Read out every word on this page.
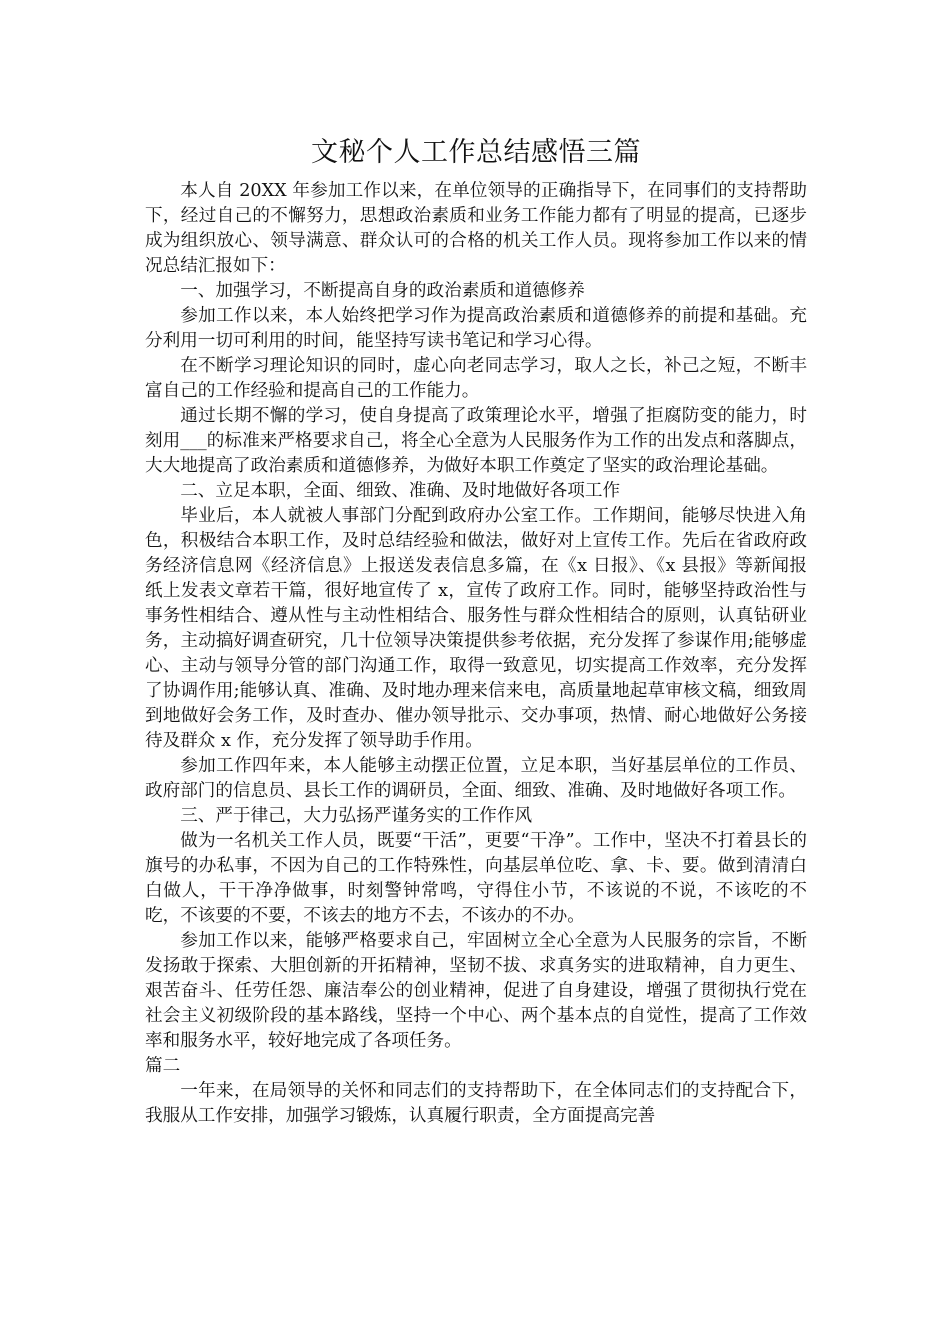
文秘个人工作总结感悟三篇

本人自 20XX 年参加工作以来，在单位领导的正确指导下，在同事们的支持帮助下，经过自己的不懈努力，思想政治素质和业务工作能力都有了明显的提高，已逐步成为组织放心、领导满意、群众认可的合格的机关工作人员。现将参加工作以来的情况总结汇报如下：

一、加强学习，不断提高自身的政治素质和道德修养

参加工作以来，本人始终把学习作为提高政治素质和道德修养的前提和基础。充分利用一切可利用的时间，能坚持写读书笔记和学习心得。

在不断学习理论知识的同时，虚心向老同志学习，取人之长，补己之短，不断丰富自己的工作经验和提高自己的工作能力。

通过长期不懈的学习，使自身提高了政策理论水平，增强了拒腐防变的能力，时刻用___的标准来严格要求自己，将全心全意为人民服务作为工作的出发点和落脚点，大大地提高了政治素质和道德修养，为做好本职工作奠定了坚实的政治理论基础。

二、立足本职，全面、细致、准确、及时地做好各项工作

毕业后，本人就被人事部门分配到政府办公室工作。工作期间，能够尽快进入角色，积极结合本职工作，及时总结经验和做法，做好对上宣传工作。先后在省政府政务经济信息网《经济信息》上报送发表信息多篇，在《x 日报》、《x 县报》等新闻报纸上发表文章若干篇，很好地宣传了 x，宣传了政府工作。同时，能够坚持政治性与事务性相结合、遵从性与主动性相结合、服务性与群众性相结合的原则，认真钻研业务，主动搞好调查研究，几十位领导决策提供参考依据，充分发挥了参谋作用;能够虚心、主动与领导分管的部门沟通工作，取得一致意见，切实提高工作效率，充分发挥了协调作用;能够认真、准确、及时地办理来信来电，高质量地起草审核文稿，细致周到地做好会务工作，及时查办、催办领导批示、交办事项，热情、耐心地做好公务接待及群众 x 作，充分发挥了领导助手作用。

参加工作四年来，本人能够主动摆正位置，立足本职，当好基层单位的工作员、政府部门的信息员、县长工作的调研员，全面、细致、准确、及时地做好各项工作。

三、严于律己，大力弘扬严谨务实的工作作风

做为一名机关工作人员，既要“干活”，更要“干净”。工作中，坚决不打着县长的旗号的办私事，不因为自己的工作特殊性，向基层单位吃、拿、卡、要。做到清清白白做人，干干净净做事，时刻警钟常鸣，守得住小节，不该说的不说，不该吃的不吃，不该要的不要，不该去的地方不去，不该办的不办。

参加工作以来，能够严格要求自己，牢固树立全心全意为人民服务的宗旨，不断发扬敢于探索、大胆创新的开拓精神，坚韧不拔、求真务实的进取精神，自力更生、艰苦奋斗、任劳任怨、廉洁奉公的创业精神，促进了自身建设，增强了贯彻执行党在社会主义初级阶段的基本路线，坚持一个中心、两个基本点的自觉性，提高了工作效率和服务水平，较好地完成了各项任务。

篇二

一年来，在局领导的关怀和同志们的支持帮助下，在全体同志们的支持配合下，我服从工作安排，加强学习锻炼，认真履行职责，全方面提高完善
